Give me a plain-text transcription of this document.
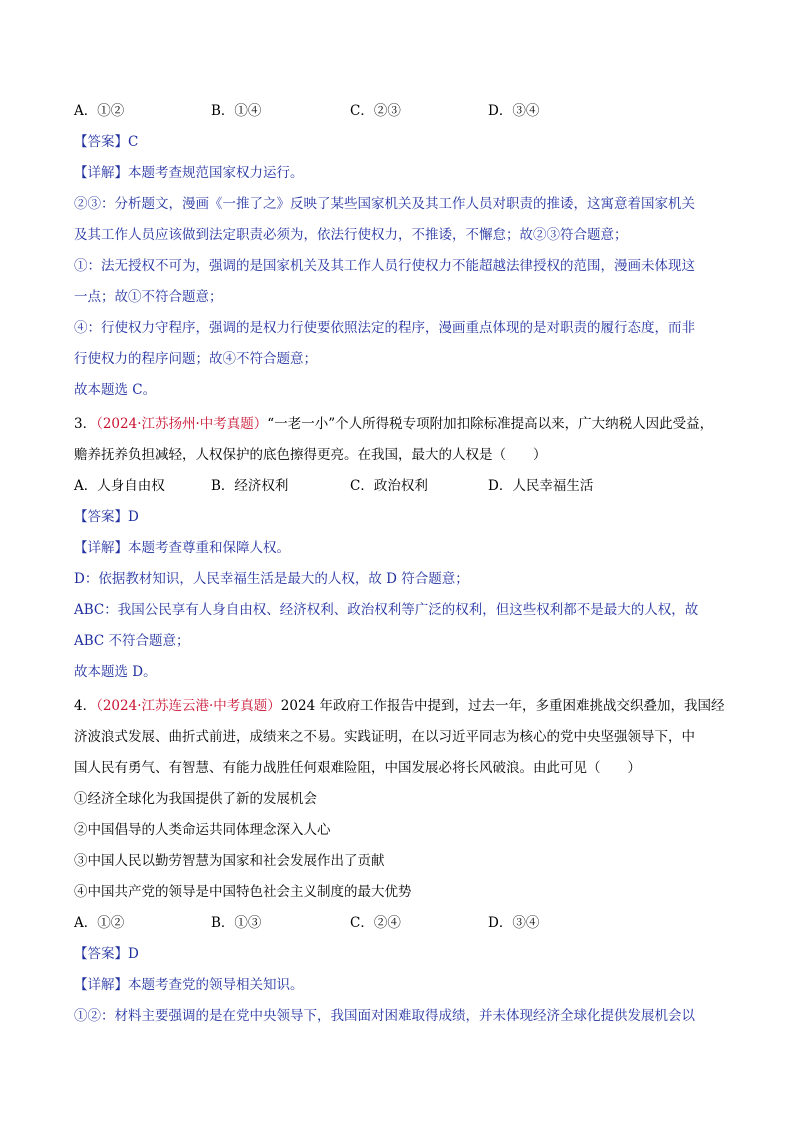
A．①②	B．①④	C．②③	D．③④
【答案】C
【详解】本题考查规范国家权力运行。
②③：分析题文，漫画《一推了之》反映了某些国家机关及其工作人员对职责的推诿，这寓意着国家机关
及其工作人员应该做到法定职责必须为，依法行使权力，不推诿，不懈怠；故②③符合题意；
①：法无授权不可为，强调的是国家机关及其工作人员行使权力不能超越法律授权的范围，漫画未体现这
一点；故①不符合题意；
④：行使权力守程序，强调的是权力行使要依照法定的程序，漫画重点体现的是对职责的履行态度，而非
行使权力的程序问题；故④不符合题意；
故本题选 C。
3．（2024·江苏扬州·中考真题）“一老一小”个人所得税专项附加扣除标准提高以来，广大纳税人因此受益，
赡养抚养负担减轻，人权保护的底色擦得更亮。在我国，最大的人权是（　　）
A．人身自由权	B．经济权利	C．政治权利	D．人民幸福生活
【答案】D
【详解】本题考查尊重和保障人权。
D：依据教材知识，人民幸福生活是最大的人权，故 D 符合题意；
ABC：我国公民享有人身自由权、经济权利、政治权利等广泛的权利，但这些权利都不是最大的人权，故
ABC 不符合题意；
故本题选 D。
4．（2024·江苏连云港·中考真题）2024 年政府工作报告中提到，过去一年，多重困难挑战交织叠加，我国经
济波浪式发展、曲折式前进，成绩来之不易。实践证明，在以习近平同志为核心的党中央坚强领导下，中
国人民有勇气、有智慧、有能力战胜任何艰难险阻，中国发展必将长风破浪。由此可见（　　）
①经济全球化为我国提供了新的发展机会
②中国倡导的人类命运共同体理念深入人心
③中国人民以勤劳智慧为国家和社会发展作出了贡献
④中国共产党的领导是中国特色社会主义制度的最大优势
A．①②	B．①③	C．②④	D．③④
【答案】D
【详解】本题考查党的领导相关知识。
①②：材料主要强调的是在党中央领导下，我国面对困难取得成绩，并未体现经济全球化提供发展机会以
